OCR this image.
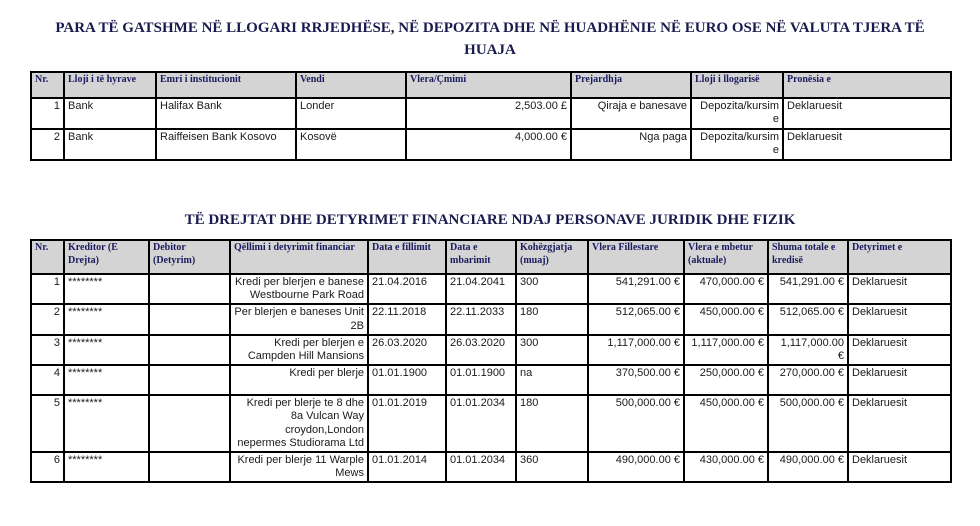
PARA TË GATSHME NË LLOGARI RRJEDHËSE, NË DEPOZITA DHE NË HUADHËNIE NË EURO OSE NË VALUTA TJERA TË HUAJA
Nr.	Lloji i të hyrave	Emri i institucionit	Vendi	Vlera/Çmimi	Prejardhja	Lloji i llogarisë	Pronësia e
1	Bank	Halifax Bank	Londer	2,503.00 £	Qiraja e banesave	Depozita/kursime	Deklaruesit
2	Bank	Raiffeisen Bank Kosovo	Kosovë	4,000.00 €	Nga paga	Depozita/kursime	Deklaruesit
TË DREJTAT DHE DETYRIMET FINANCIARE NDAJ PERSONAVE JURIDIK DHE FIZIK
Nr.	Kreditor (E Drejta)	Debitor (Detyrim)	Qëllimi i detyrimit financiar	Data e fillimit	Data e mbarimit	Kohëzgjatja (muaj)	Vlera Fillestare	Vlera e mbetur (aktuale)	Shuma totale e kredisë	Detyrimet e
1	********		Kredi per blerjen e banese Westbourne Park Road	21.04.2016	21.04.2041	300	541,291.00 €	470,000.00 €	541,291.00 €	Deklaruesit
2	********		Per blerjen e baneses Unit 2B	22.11.2018	22.11.2033	180	512,065.00 €	450,000.00 €	512,065.00 €	Deklaruesit
3	********		Kredi per blerjen e Campden Hill Mansions	26.03.2020	26.03.2020	300	1,117,000.00 €	1,117,000.00 €	1,117,000.00 €	Deklaruesit
4	********		Kredi per blerje	01.01.1900	01.01.1900	na	370,500.00 €	250,000.00 €	270,000.00 €	Deklaruesit
5	********		Kredi per blerje te 8 dhe 8a Vulcan Way croydon,London nepermes Studiorama Ltd	01.01.2019	01.01.2034	180	500,000.00 €	450,000.00 €	500,000.00 €	Deklaruesit
6	********		Kredi per blerje 11 Warple Mews	01.01.2014	01.01.2034	360	490,000.00 €	430,000.00 €	490,000.00 €	Deklaruesit
